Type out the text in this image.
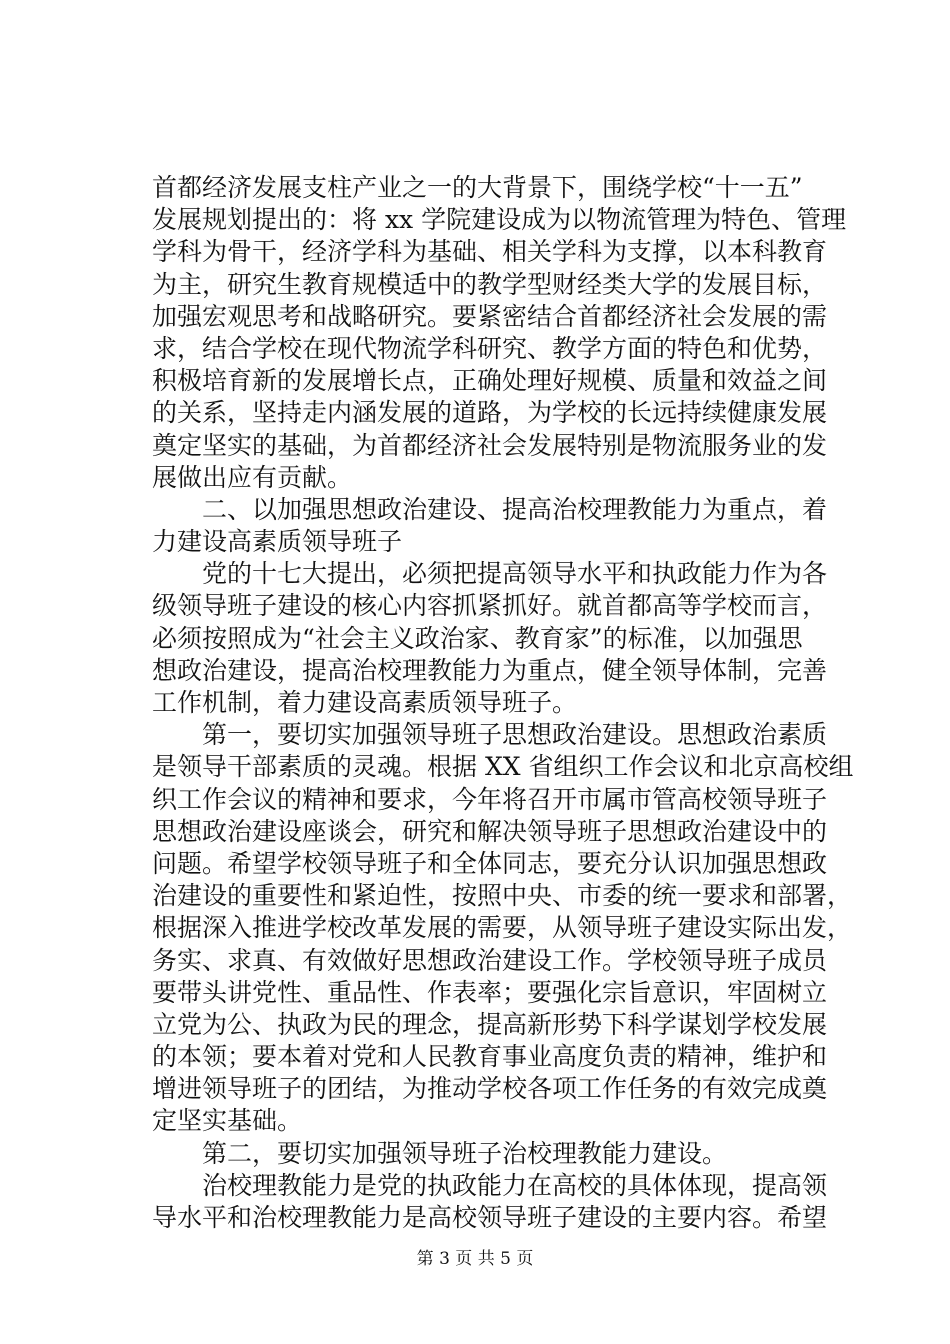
首都经济发展支柱产业之一的大背景下，围绕学校“十一五”
发展规划提出的：将 xx 学院建设成为以物流管理为特色、管理
学科为骨干，经济学科为基础、相关学科为支撑，以本科教育
为主，研究生教育规模适中的教学型财经类大学的发展目标，
加强宏观思考和战略研究。要紧密结合首都经济社会发展的需
求，结合学校在现代物流学科研究、教学方面的特色和优势，
积极培育新的发展增长点，正确处理好规模、质量和效益之间
的关系，坚持走内涵发展的道路，为学校的长远持续健康发展
奠定坚实的基础，为首都经济社会发展特别是物流服务业的发
展做出应有贡献。
二、以加强思想政治建设、提高治校理教能力为重点，着
力建设高素质领导班子
党的十七大提出，必须把提高领导水平和执政能力作为各
级领导班子建设的核心内容抓紧抓好。就首都高等学校而言，
必须按照成为“社会主义政治家、教育家”的标准，以加强思
想政治建设，提高治校理教能力为重点，健全领导体制，完善
工作机制，着力建设高素质领导班子。
第一，要切实加强领导班子思想政治建设。思想政治素质
是领导干部素质的灵魂。根据 XX 省组织工作会议和北京高校组
织工作会议的精神和要求，今年将召开市属市管高校领导班子
思想政治建设座谈会，研究和解决领导班子思想政治建设中的
问题。希望学校领导班子和全体同志，要充分认识加强思想政
治建设的重要性和紧迫性，按照中央、市委的统一要求和部署，
根据深入推进学校改革发展的需要，从领导班子建设实际出发，
务实、求真、有效做好思想政治建设工作。学校领导班子成员
要带头讲党性、重品性、作表率；要强化宗旨意识，牢固树立
立党为公、执政为民的理念，提高新形势下科学谋划学校发展
的本领；要本着对党和人民教育事业高度负责的精神，维护和
增进领导班子的团结，为推动学校各项工作任务的有效完成奠
定坚实基础。
第二，要切实加强领导班子治校理教能力建设。
治校理教能力是党的执政能力在高校的具体体现，提高领
导水平和治校理教能力是高校领导班子建设的主要内容。希望
第 3 页 共 5 页
